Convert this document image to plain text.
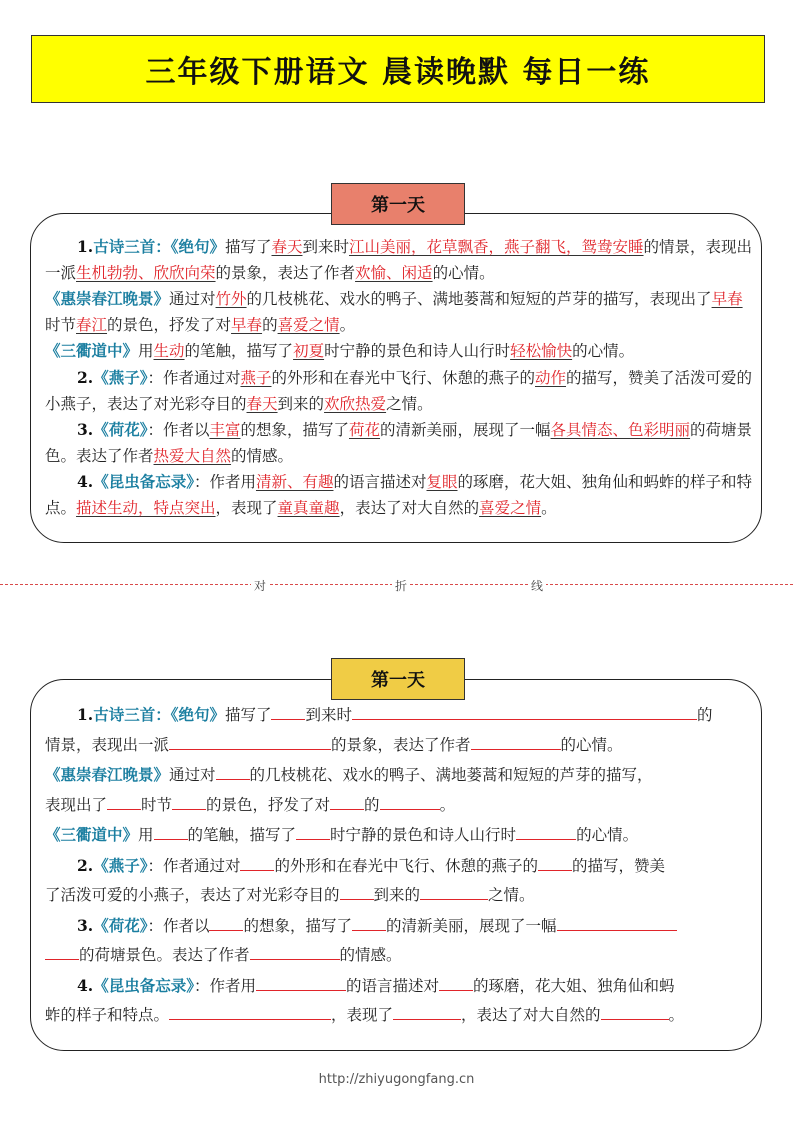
三年级下册语文 晨读晚默 每日一练
第一天

1.古诗三首：《绝句》描写了春天到来时江山美丽，花草飘香，燕子翻飞，鸳鸯安睡的情景，表现出一派生机勃勃、欣欣向荣的景象，表达了作者欢愉、闲适的心情。

《惠崇春江晚景》通过对竹外的几枝桃花、戏水的鸭子、满地蒌蒿和短短的芦芽的描写，表现出了早春时节春江的景色，抒发了对早春的喜爱之情。

《三衢道中》用生动的笔触，描写了初夏时宁静的景色和诗人山行时轻松愉快的心情。

2.《燕子》：作者通过对燕子的外形和在春光中飞行、休憩的燕子的动作的描写，赞美了活泼可爱的小燕子，表达了对光彩夺目的春天到来的欢欣热爱之情。

3.《荷花》：作者以丰富的想象，描写了荷花的清新美丽，展现了一幅各具情态、色彩明丽的荷塘景色。表达了作者热爱大自然的情感。

4.《昆虫备忘录》：作者用清新、有趣的语言描述对复眼的琢磨，花大姐、独角仙和蚂蚱的样子和特点。描述生动，特点突出，表现了童真童趣，表达了对大自然的喜爱之情。

对	折	线
第一天

1.古诗三首：《绝句》描写了 到来时	的
情景，表现出一派	的景象，表达了作者	的心情。

《惠崇春江晚景》通过对 的几枝桃花、戏水的鸭子、满地蒌蒿和短短的芦芽的描写，
表现出了 时节 的景色，抒发了对 的	。

《三衢道中》用 的笔触，描写了 时宁静的景色和诗人山行时	的心情。

2.《燕子》：作者通过对 的外形和在春光中飞行、休憩的燕子的 的描写，赞美
了活泼可爱的小燕子，表达了对光彩夺目的 到来的	之情。

3.《荷花》：作者以 的想象，描写了 的清新美丽，展现了一幅
的荷塘景色。表达了作者	的情感。

4.《昆虫备忘录》：作者用	的语言描述对 的琢磨，花大姐、独角仙和蚂
蚱的样子和特点。	，表现了	，表达了对大自然的	。

http://zhiyugongfang.cn
